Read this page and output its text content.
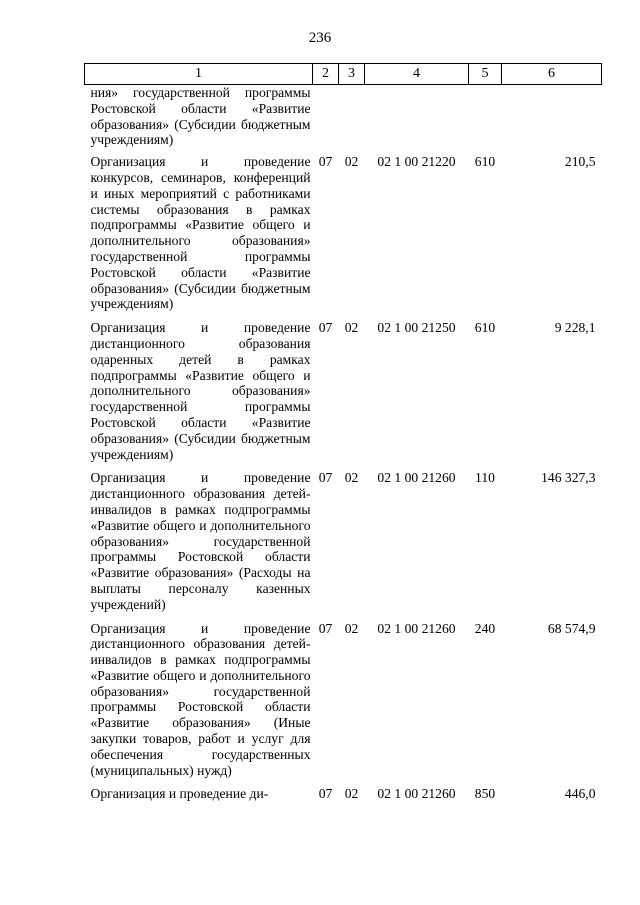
236
1	2	3	4	5	6

ния» государственной программы Ростовской области «Развитие образования» (Субсидии бюджетным учреждениям)					

Организация и проведение конкурсов, семинаров, конференций и иных мероприятий с работниками системы образования в рамках подпрограммы «Развитие общего и дополнительного образования» государственной программы Ростовской области «Развитие образования» (Субсидии бюджетным учреждениям)	07	02	02 1 00 21220	610	210,5

Организация и проведение дистанционного образования одаренных детей в рамках подпрограммы «Развитие общего и дополнительного образования» государственной программы Ростовской области «Развитие образования» (Субсидии бюджетным учреждениям)	07	02	02 1 00 21250	610	9 228,1

Организация и проведение дистанционного образования детей-инвалидов в рамках подпрограммы «Развитие общего и дополнительного образования» государственной программы Ростовской области «Развитие образования» (Расходы на выплаты персоналу казенных учреждений)	07	02	02 1 00 21260	110	146 327,3

Организация и проведение дистанционного образования детей-инвалидов в рамках подпрограммы «Развитие общего и дополнительного образования» государственной программы Ростовской области «Развитие образования» (Иные закупки товаров, работ и услуг для обеспечения государственных (муниципальных) нужд)	07	02	02 1 00 21260	240	68 574,9

Организация и проведение ди-	07	02	02 1 00 21260	850	446,0
